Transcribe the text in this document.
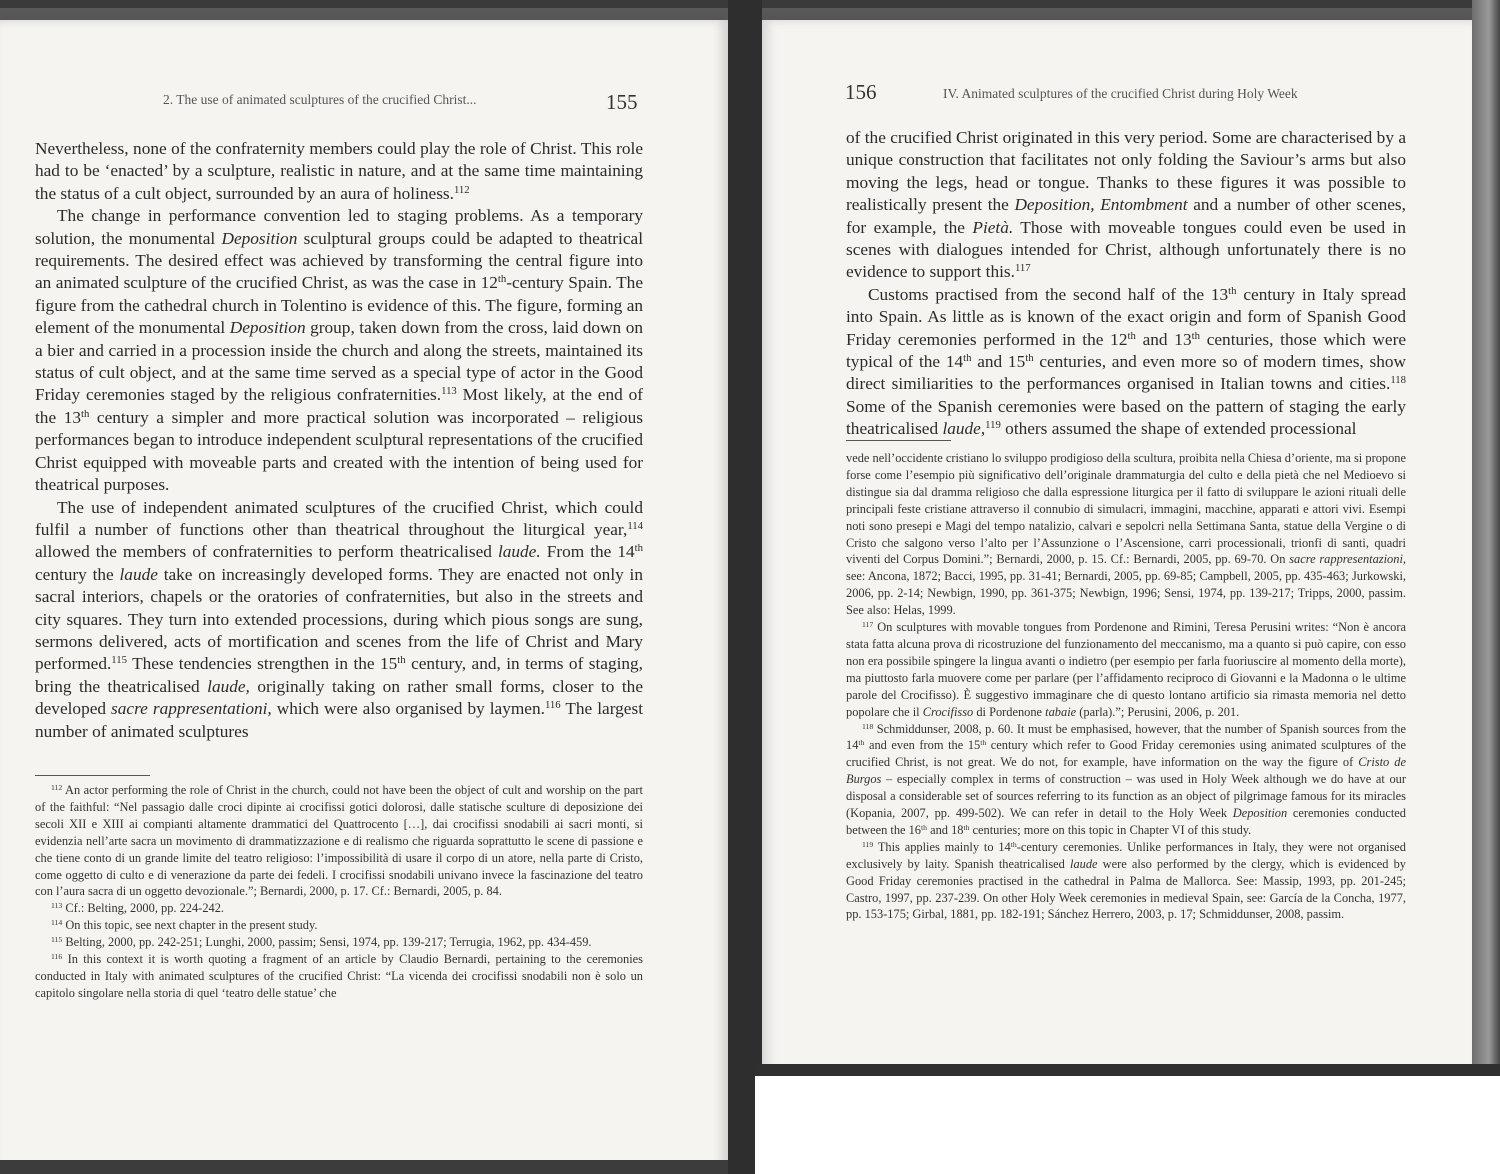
2. The use of animated sculptures of the crucified Christ...	155

Nevertheless, none of the confraternity members could play the role of Christ. This role had to be ‘enacted’ by a sculpture, realistic in nature, and at the same time maintaining the status of a cult object, surrounded by an aura of holiness.$^{112}$

The change in performance convention led to staging problems. As a temporary solution, the monumental Deposition sculptural groups could be adapted to theatrical requirements. The desired effect was achieved by transforming the central figure into an animated sculpture of the crucified Christ, as was the case in 12th-century Spain. The figure from the cathedral church in Tolentino is evidence of this. The figure, forming an element of the monumental Deposition group, taken down from the cross, laid down on a bier and carried in a procession inside the church and along the streets, maintained its status of cult object, and at the same time served as a special type of actor in the Good Friday ceremonies staged by the religious confraternities.$^{113}$ Most likely, at the end of the 13th century a simpler and more practical solution was incorporated – religious performances began to introduce independent sculptural representations of the crucified Christ equipped with moveable parts and created with the intention of being used for theatrical purposes.

The use of independent animated sculptures of the crucified Christ, which could fulfil a number of functions other than theatrical throughout the liturgical year,$^{114}$ allowed the members of confraternities to perform theatricalised laude. From the 14th century the laude take on increasingly developed forms. They are enacted not only in sacral interiors, chapels or the oratories of confraternities, but also in the streets and city squares. They turn into extended processions, during which pious songs are sung, sermons delivered, acts of mortification and scenes from the life of Christ and Mary performed.$^{115}$ These tendencies strengthen in the 15th century, and, in terms of staging, bring the theatricalised laude, originally taking on rather small forms, closer to the developed sacre rappresentationi, which were also organised by laymen.$^{116}$ The largest number of animated sculptures

$^{112}$ An actor performing the role of Christ in the church, could not have been the object of cult and worship on the part of the faithful: “Nel passagio dalle croci dipinte ai crocifissi gotici dolorosi, dalle statische sculture di deposizione dei secoli XII e XIII ai compianti altamente drammatici del Quattrocento […], dai crocifissi snodabili ai sacri monti, si evidenzia nell’arte sacra un movimento di drammatizzazione e di realismo che riguarda soprattutto le scene di passione e che tiene conto di un grande limite del teatro religioso: l’impossibilità di usare il corpo di un atore, nella parte di Cristo, come oggetto di culto e di venerazione da parte dei fedeli. I crocifissi snodabili univano invece la fascinazione del teatro con l’aura sacra di un oggetto devozionale.”; Bernardi, 2000, p. 17. Cf.: Bernardi, 2005, p. 84.

$^{113}$ Cf.: Belting, 2000, pp. 224-242.

$^{114}$ On this topic, see next chapter in the present study.

$^{115}$ Belting, 2000, pp. 242-251; Lunghi, 2000, passim; Sensi, 1974, pp. 139-217; Terrugia, 1962, pp. 434-459.

$^{116}$ In this context it is worth quoting a fragment of an article by Claudio Bernardi, pertaining to the ceremonies conducted in Italy with animated sculptures of the crucified Christ: “La vicenda dei crocifissi snodabili non è solo un capitolo singolare nella storia di quel ‘teatro delle statue’ che

156	IV. Animated sculptures of the crucified Christ during Holy Week

of the crucified Christ originated in this very period. Some are characterised by a unique construction that facilitates not only folding the Saviour’s arms but also moving the legs, head or tongue. Thanks to these figures it was possible to realistically present the Deposition, Entombment and a number of other scenes, for example, the Pietà. Those with moveable tongues could even be used in scenes with dialogues intended for Christ, although unfortunately there is no evidence to support this.$^{117}$

Customs practised from the second half of the 13th century in Italy spread into Spain. As little as is known of the exact origin and form of Spanish Good Friday ceremonies performed in the 12th and 13th centuries, those which were typical of the 14th and 15th centuries, and even more so of modern times, show direct similiarities to the performances organised in Italian towns and cities.$^{118}$ Some of the Spanish ceremonies were based on the pattern of staging the early theatricalised laude,$^{119}$ others assumed the shape of extended processional

vede nell’occidente cristiano lo sviluppo prodigioso della scultura, proibita nella Chiesa d’oriente, ma si propone forse come l’esempio più significativo dell’originale drammaturgia del culto e della pietà che nel Medioevo si distingue sia dal dramma religioso che dalla espressione liturgica per il fatto di sviluppare le azioni rituali delle principali feste cristiane attraverso il connubio di simulacri, immagini, macchine, apparati e attori vivi. Esempi noti sono presepi e Magi del tempo natalizio, calvari e sepolcri nella Settimana Santa, statue della Vergine o di Cristo che salgono verso l’alto per l’Assunzione o l’Ascensione, carri processionali, trionfi di santi, quadri viventi del Corpus Domini.”; Bernardi, 2000, p. 15. Cf.: Bernardi, 2005, pp. 69-70. On sacre rappresentazioni, see: Ancona, 1872; Bacci, 1995, pp. 31-41; Bernardi, 2005, pp. 69-85; Campbell, 2005, pp. 435-463; Jurkowski, 2006, pp. 2-14; Newbign, 1990, pp. 361-375; Newbign, 1996; Sensi, 1974, pp. 139-217; Tripps, 2000, passim. See also: Helas, 1999.

$^{117}$ On sculptures with movable tongues from Pordenone and Rimini, Teresa Perusini writes: “Non è ancora stata fatta alcuna prova di ricostruzione del funzionamento del meccanismo, ma a quanto si può capire, con esso non era possibile spingere la lingua avanti o indietro (per esempio per farla fuoriuscire al momento della morte), ma piuttosto farla muovere come per parlare (per l’affidamento reciproco di Giovanni e la Madonna o le ultime parole del Crocifisso). È suggestivo immaginare che di questo lontano artificio sia rimasta memoria nel detto popolare che il Crocifisso di Pordenone tabaie (parla).”; Perusini, 2006, p. 201.

$^{118}$ Schmiddunser, 2008, p. 60. It must be emphasised, however, that the number of Spanish sources from the 14th and even from the 15th century which refer to Good Friday ceremonies using animated sculptures of the crucified Christ, is not great. We do not, for example, have information on the way the figure of Cristo de Burgos – especially complex in terms of construction – was used in Holy Week although we do have at our disposal a considerable set of sources referring to its function as an object of pilgrimage famous for its miracles (Kopania, 2007, pp. 499-502). We can refer in detail to the Holy Week Deposition ceremonies conducted between the 16th and 18th centuries; more on this topic in Chapter VI of this study.

$^{119}$ This applies mainly to 14th-century ceremonies. Unlike performances in Italy, they were not organised exclusively by laity. Spanish theatricalised laude were also performed by the clergy, which is evidenced by Good Friday ceremonies practised in the cathedral in Palma de Mallorca. See: Massip, 1993, pp. 201-245; Castro, 1997, pp. 237-239. On other Holy Week ceremonies in medieval Spain, see: García de la Concha, 1977, pp. 153-175; Girbal, 1881, pp. 182-191; Sánchez Herrero, 2003, p. 17; Schmiddunser, 2008, passim.
